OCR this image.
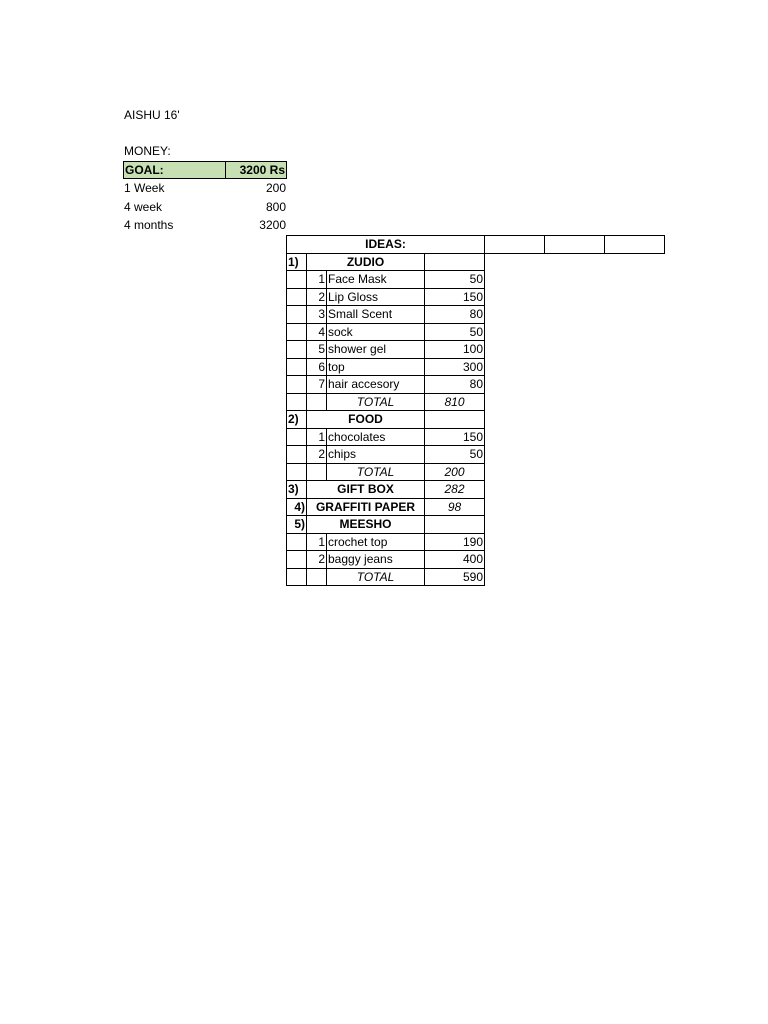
AISHU 16'
MONEY:
GOAL:	3200 Rs
1 Week	200
4 week	800
4 months	3200
IDEAS:						
1)	ZUDIO					
	1	Face Mask	50			
	2	Lip Gloss	150			
	3	Small Scent	80			
	4	sock	50			
	5	shower gel	100			
	6	top	300			
	7	hair accesory	80			
		TOTAL	810			
2)	FOOD					
	1	chocolates	150			
	2	chips	50			
		TOTAL	200			
3)	GIFT BOX		282			
4)	GRAFFITI PAPER		98			
5)	MEESHO					
	1	crochet top	190			
	2	baggy jeans	400			
		TOTAL	590			
